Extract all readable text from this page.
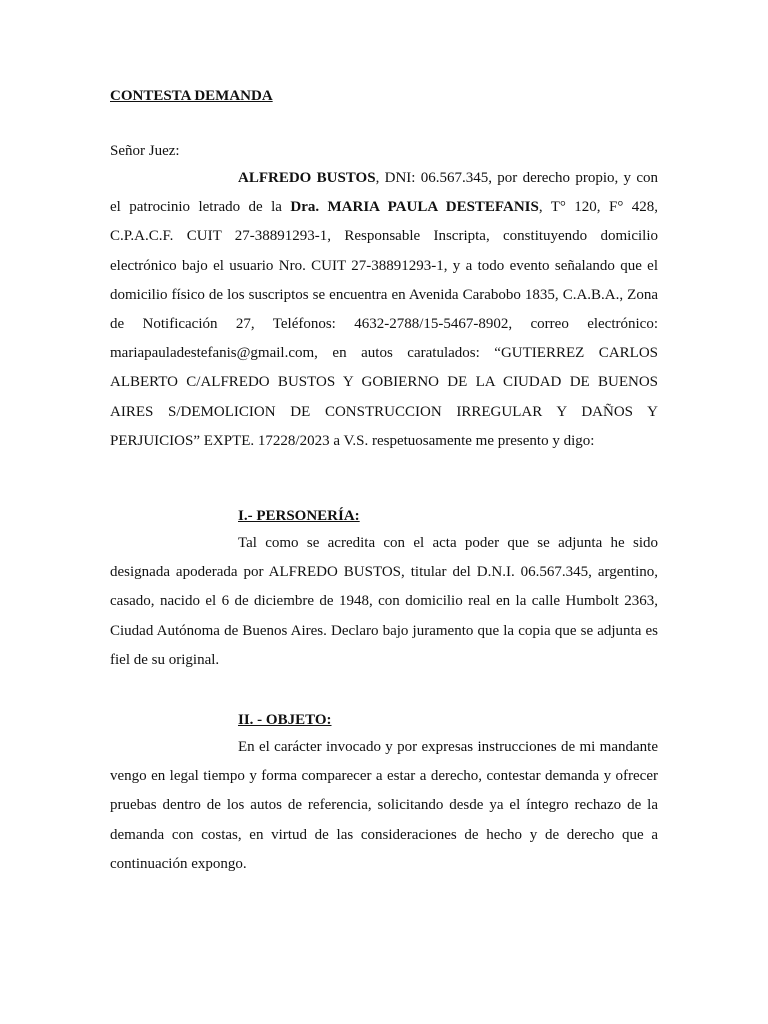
CONTESTA DEMANDA
Señor Juez:
ALFREDO BUSTOS, DNI: 06.567.345, por derecho propio, y con el patrocinio letrado de la Dra. MARIA PAULA DESTEFANIS, T° 120, F° 428, C.P.A.C.F. CUIT 27-38891293-1, Responsable Inscripta, constituyendo domicilio electrónico bajo el usuario Nro. CUIT 27-38891293-1, y a todo evento señalando que el domicilio físico de los suscriptos se encuentra en Avenida Carabobo 1835, C.A.B.A., Zona de Notificación 27, Teléfonos: 4632-2788/15-5467-8902, correo electrónico: mariapauladestefanis@gmail.com, en autos caratulados: “GUTIERREZ CARLOS ALBERTO C/ALFREDO BUSTOS Y GOBIERNO DE LA CIUDAD DE BUENOS AIRES S/DEMOLICION DE CONSTRUCCION IRREGULAR Y DAÑOS Y PERJUICIOS” EXPTE. 17228/2023 a V.S. respetuosamente me presento y digo:
I.- PERSONERÍA:
Tal como se acredita con el acta poder que se adjunta he sido designada apoderada por ALFREDO BUSTOS, titular del D.N.I. 06.567.345, argentino, casado, nacido el 6 de diciembre de 1948, con domicilio real en la calle Humbolt 2363, Ciudad Autónoma de Buenos Aires. Declaro bajo juramento que la copia que se adjunta es fiel de su original.
II. - OBJETO:
En el carácter invocado y por expresas instrucciones de mi mandante vengo en legal tiempo y forma comparecer a estar a derecho, contestar demanda y ofrecer pruebas dentro de los autos de referencia, solicitando desde ya el íntegro rechazo de la demanda con costas, en virtud de las consideraciones de hecho y de derecho que a continuación expongo.
